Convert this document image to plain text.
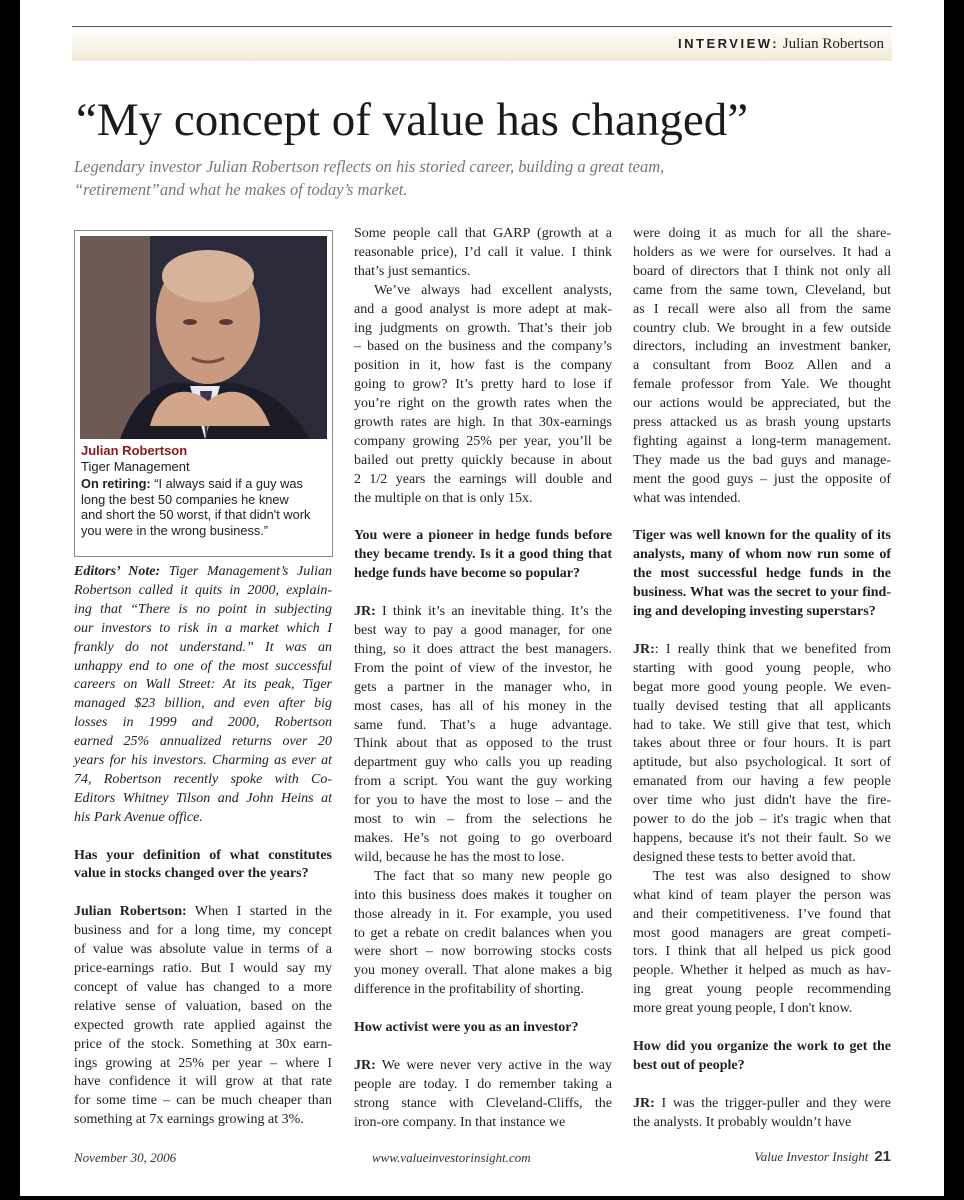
INTERVIEW: Julian Robertson
“My concept of value has changed”
Legendary investor Julian Robertson reflects on his storied career, building a great team,
“retirement”and what he makes of today’s market.
Julian Robertson
Tiger Management
On retiring: “I always said if a guy was
long the best 50 companies he knew
and short the 50 worst, if that didn't work
you were in the wrong business.”
Editors’ Note: Tiger Management’s Julian
Robertson called it quits in 2000, explain-
ing that “There is no point in subjecting
our investors to risk in a market which I
frankly do not understand.” It was an
unhappy end to one of the most successful
careers on Wall Street: At its peak, Tiger
managed $23 billion, and even after big
losses in 1999 and 2000, Robertson
earned 25% annualized returns over 20
years for his investors. Charming as ever at
74, Robertson recently spoke with Co-
Editors Whitney Tilson and John Heins at
his Park Avenue office.
Has your definition of what constitutes
value in stocks changed over the years?
Julian Robertson: When I started in the
business and for a long time, my concept
of value was absolute value in terms of a
price-earnings ratio. But I would say my
concept of value has changed to a more
relative sense of valuation, based on the
expected growth rate applied against the
price of the stock. Something at 30x earn-
ings growing at 25% per year – where I
have confidence it will grow at that rate
for some time – can be much cheaper than
something at 7x earnings growing at 3%.
Some people call that GARP (growth at a
reasonable price), I’d call it value. I think
that’s just semantics.
We’ve always had excellent analysts,
and a good analyst is more adept at mak-
ing judgments on growth. That’s their job
– based on the business and the company’s
position in it, how fast is the company
going to grow? It’s pretty hard to lose if
you’re right on the growth rates when the
growth rates are high. In that 30x-earnings
company growing 25% per year, you’ll be
bailed out pretty quickly because in about
2 1/2 years the earnings will double and
the multiple on that is only 15x.
You were a pioneer in hedge funds before
they became trendy. Is it a good thing that
hedge funds have become so popular?
JR: I think it’s an inevitable thing. It’s the
best way to pay a good manager, for one
thing, so it does attract the best managers.
From the point of view of the investor, he
gets a partner in the manager who, in
most cases, has all of his money in the
same fund. That’s a huge advantage.
Think about that as opposed to the trust
department guy who calls you up reading
from a script. You want the guy working
for you to have the most to lose – and the
most to win – from the selections he
makes. He’s not going to go overboard
wild, because he has the most to lose.
The fact that so many new people go
into this business does makes it tougher on
those already in it. For example, you used
to get a rebate on credit balances when you
were short – now borrowing stocks costs
you money overall. That alone makes a big
difference in the profitability of shorting.
How activist were you as an investor?
JR: We were never very active in the way
people are today. I do remember taking a
strong stance with Cleveland-Cliffs, the
iron-ore company. In that instance we
were doing it as much for all the share-
holders as we were for ourselves. It had a
board of directors that I think not only all
came from the same town, Cleveland, but
as I recall were also all from the same
country club. We brought in a few outside
directors, including an investment banker,
a consultant from Booz Allen and a
female professor from Yale. We thought
our actions would be appreciated, but the
press attacked us as brash young upstarts
fighting against a long-term management.
They made us the bad guys and manage-
ment the good guys – just the opposite of
what was intended.
Tiger was well known for the quality of its
analysts, many of whom now run some of
the most successful hedge funds in the
business. What was the secret to your find-
ing and developing investing superstars?
JR:: I really think that we benefited from
starting with good young people, who
begat more good young people. We even-
tually devised testing that all applicants
had to take. We still give that test, which
takes about three or four hours. It is part
aptitude, but also psychological. It sort of
emanated from our having a few people
over time who just didn't have the fire-
power to do the job – it's tragic when that
happens, because it's not their fault. So we
designed these tests to better avoid that.
The test was also designed to show
what kind of team player the person was
and their competitiveness. I’ve found that
most good managers are great competi-
tors. I think that all helped us pick good
people. Whether it helped as much as hav-
ing great young people recommending
more great young people, I don't know.
How did you organize the work to get the
best out of people?
JR: I was the trigger-puller and they were
the analysts. It probably wouldn’t have
November 30, 2006	www.valueinvestorinsight.com	Value Investor Insight 21
